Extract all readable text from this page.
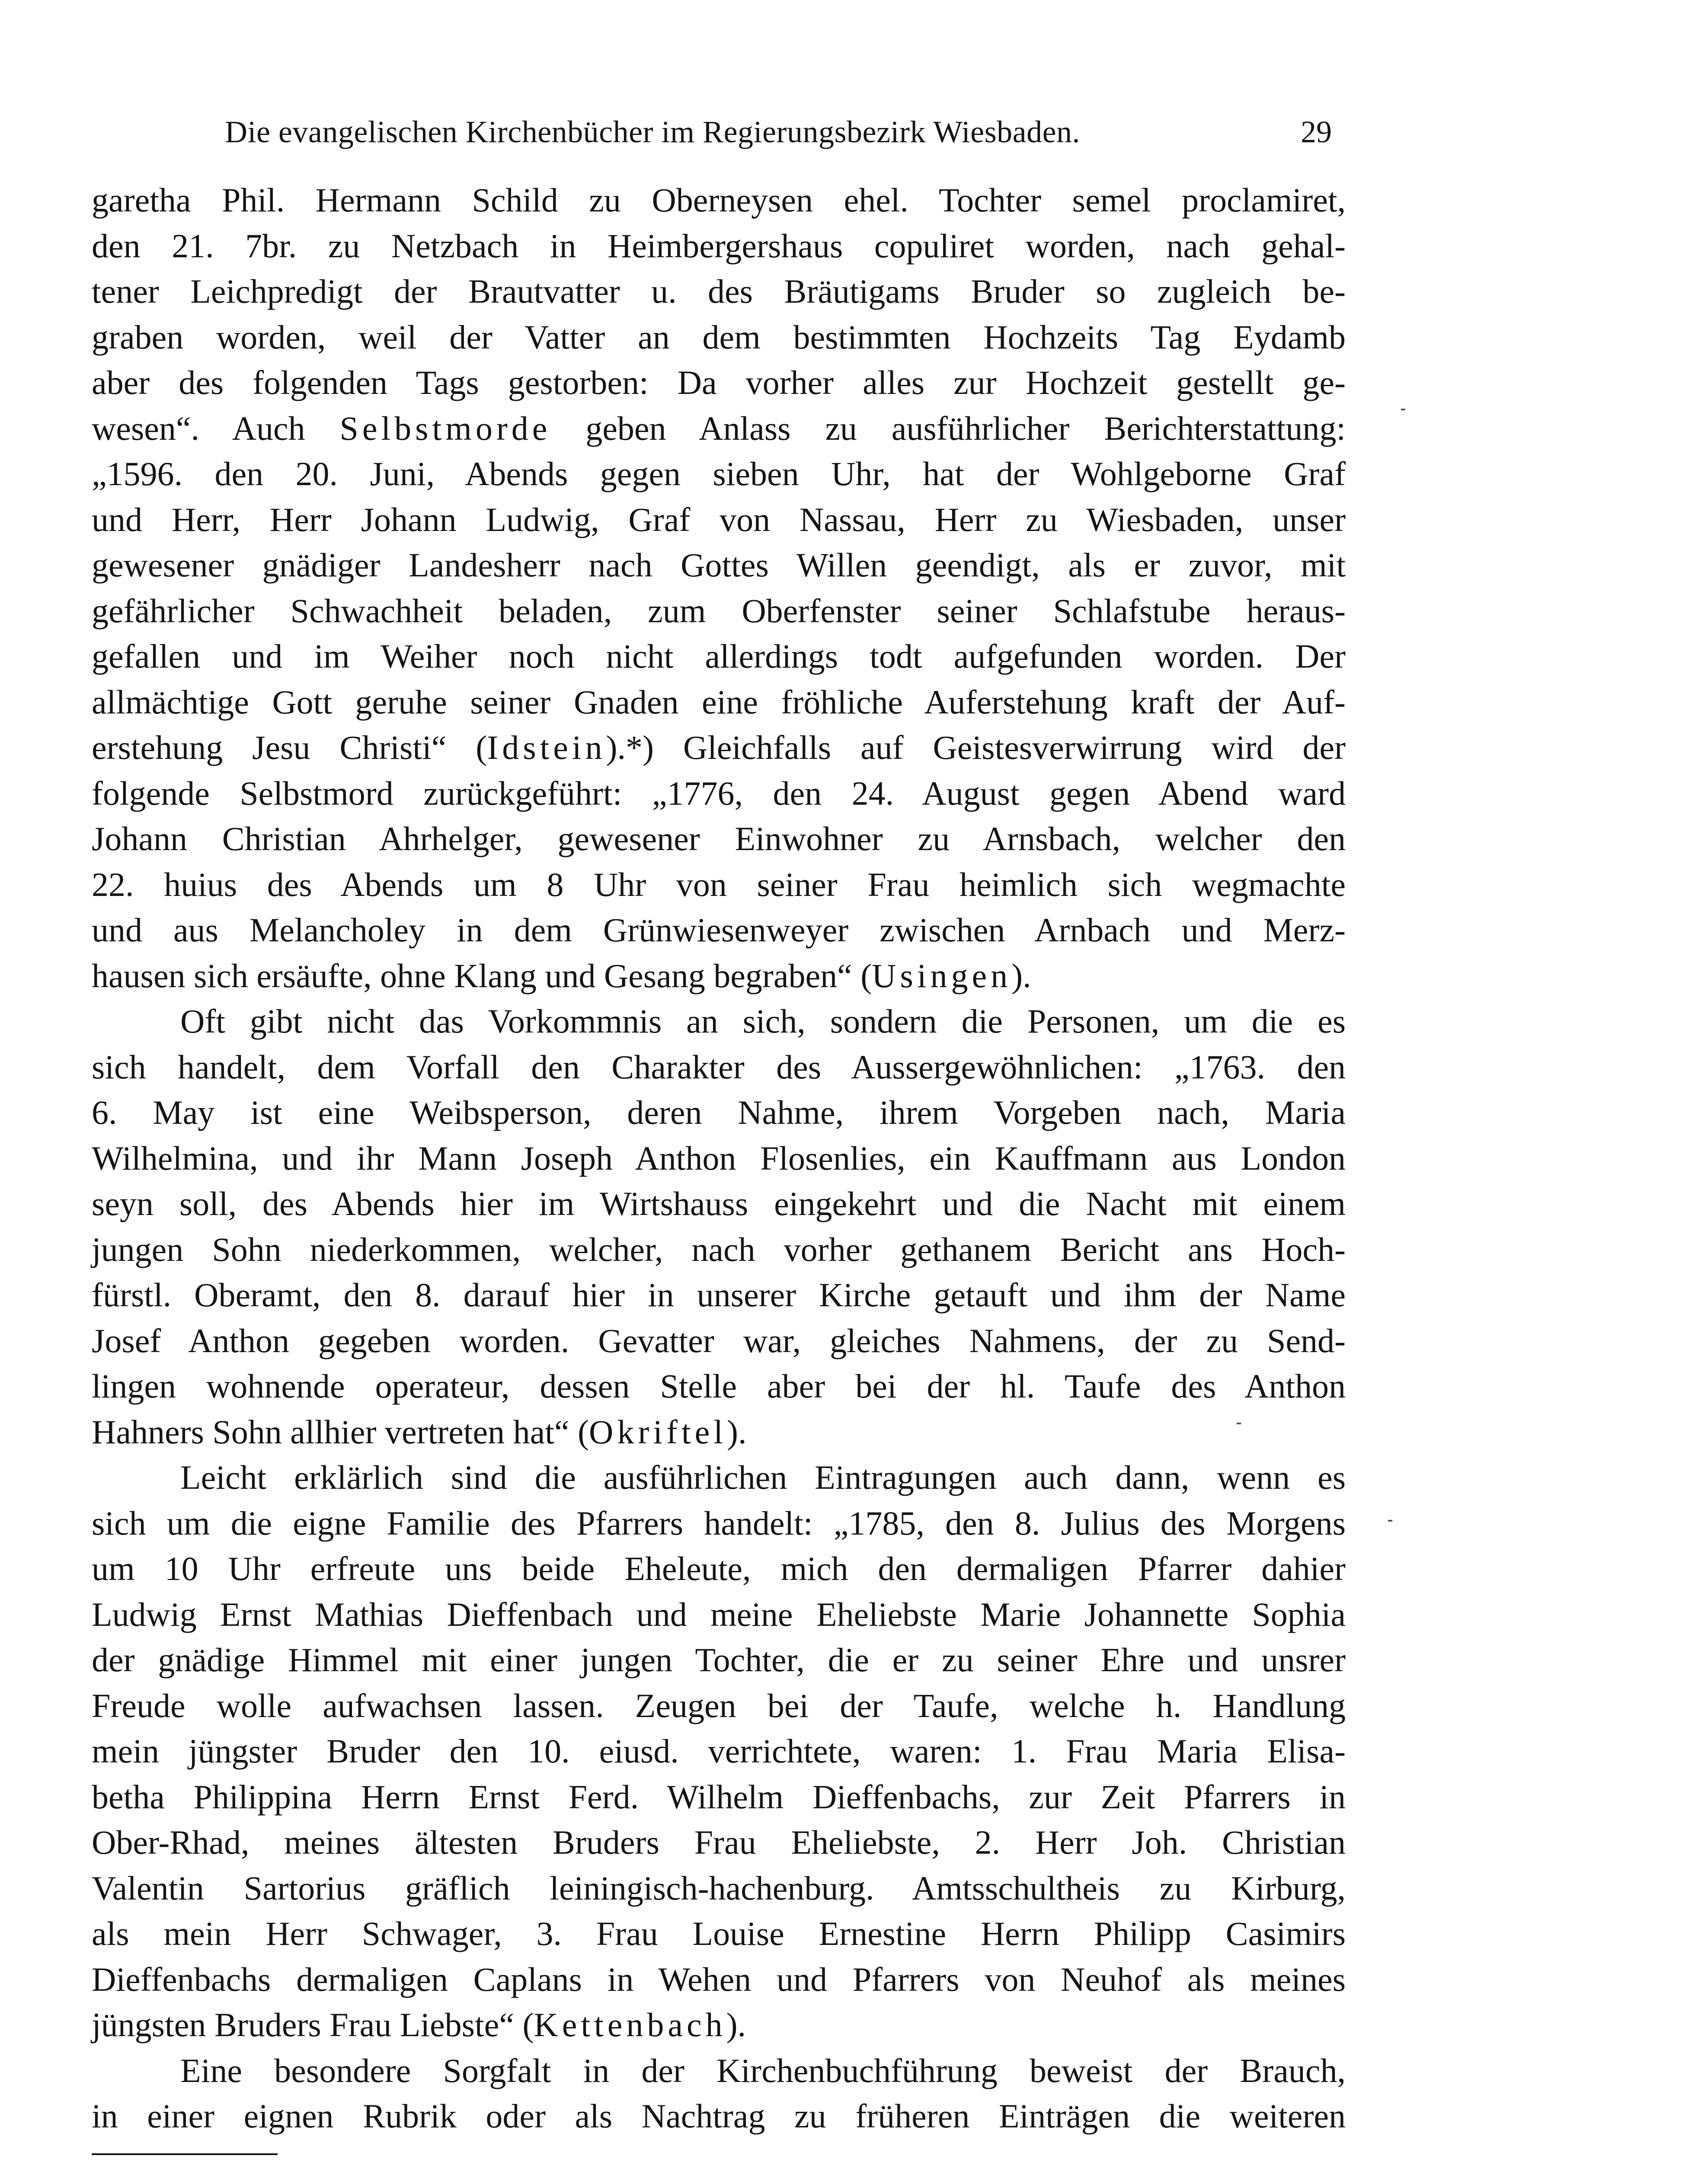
Die evangelischen Kirchenbücher im Regierungsbezirk Wiesbaden.	29
garetha Phil. Hermann Schild zu Oberneysen ehel. Tochter semel proclamiret,
den 21. 7br. zu Netzbach in Heimbergershaus copuliret worden, nach gehal-
tener Leichpredigt der Brautvatter u. des Bräutigams Bruder so zugleich be-
graben worden, weil der Vatter an dem bestimmten Hochzeits Tag Eydamb
aber des folgenden Tags gestorben: Da vorher alles zur Hochzeit gestellt ge-
wesen“. Auch Selbstmorde geben Anlass zu ausführlicher Berichterstattung:
„1596. den 20. Juni, Abends gegen sieben Uhr, hat der Wohlgeborne Graf
und Herr, Herr Johann Ludwig, Graf von Nassau, Herr zu Wiesbaden, unser
gewesener gnädiger Landesherr nach Gottes Willen geendigt, als er zuvor, mit
gefährlicher Schwachheit beladen, zum Oberfenster seiner Schlafstube heraus-
gefallen und im Weiher noch nicht allerdings todt aufgefunden worden. Der
allmächtige Gott geruhe seiner Gnaden eine fröhliche Auferstehung kraft der Auf-
erstehung Jesu Christi“ (Idstein).*) Gleichfalls auf Geistesverwirrung wird der
folgende Selbstmord zurückgeführt: „1776, den 24. August gegen Abend ward
Johann Christian Ahrhelger, gewesener Einwohner zu Arnsbach, welcher den
22. huius des Abends um 8 Uhr von seiner Frau heimlich sich wegmachte
und aus Melancholey in dem Grünwiesenweyer zwischen Arnbach und Merz-
hausen sich ersäufte, ohne Klang und Gesang begraben“ (Usingen).
Oft gibt nicht das Vorkommnis an sich, sondern die Personen, um die es
sich handelt, dem Vorfall den Charakter des Aussergewöhnlichen: „1763. den
6. May ist eine Weibsperson, deren Nahme, ihrem Vorgeben nach, Maria
Wilhelmina, und ihr Mann Joseph Anthon Flosenlies, ein Kauffmann aus London
seyn soll, des Abends hier im Wirtshauss eingekehrt und die Nacht mit einem
jungen Sohn niederkommen, welcher, nach vorher gethanem Bericht ans Hoch-
fürstl. Oberamt, den 8. darauf hier in unserer Kirche getauft und ihm der Name
Josef Anthon gegeben worden. Gevatter war, gleiches Nahmens, der zu Send-
lingen wohnende operateur, dessen Stelle aber bei der hl. Taufe des Anthon
Hahners Sohn allhier vertreten hat“ (Okriftel).
Leicht erklärlich sind die ausführlichen Eintragungen auch dann, wenn es
sich um die eigne Familie des Pfarrers handelt: „1785, den 8. Julius des Morgens
um 10 Uhr erfreute uns beide Eheleute, mich den dermaligen Pfarrer dahier
Ludwig Ernst Mathias Dieffenbach und meine Eheliebste Marie Johannette Sophia
der gnädige Himmel mit einer jungen Tochter, die er zu seiner Ehre und unsrer
Freude wolle aufwachsen lassen. Zeugen bei der Taufe, welche h. Handlung
mein jüngster Bruder den 10. eiusd. verrichtete, waren: 1. Frau Maria Elisa-
betha Philippina Herrn Ernst Ferd. Wilhelm Dieffenbachs, zur Zeit Pfarrers in
Ober-Rhad, meines ältesten Bruders Frau Eheliebste, 2. Herr Joh. Christian
Valentin Sartorius gräflich leiningisch-hachenburg. Amtsschultheis zu Kirburg,
als mein Herr Schwager, 3. Frau Louise Ernestine Herrn Philipp Casimirs
Dieffenbachs dermaligen Caplans in Wehen und Pfarrers von Neuhof als meines
jüngsten Bruders Frau Liebste“ (Kettenbach).
Eine besondere Sorgfalt in der Kirchenbuchführung beweist der Brauch,
in einer eignen Rubrik oder als Nachtrag zu früheren Einträgen die weiteren
